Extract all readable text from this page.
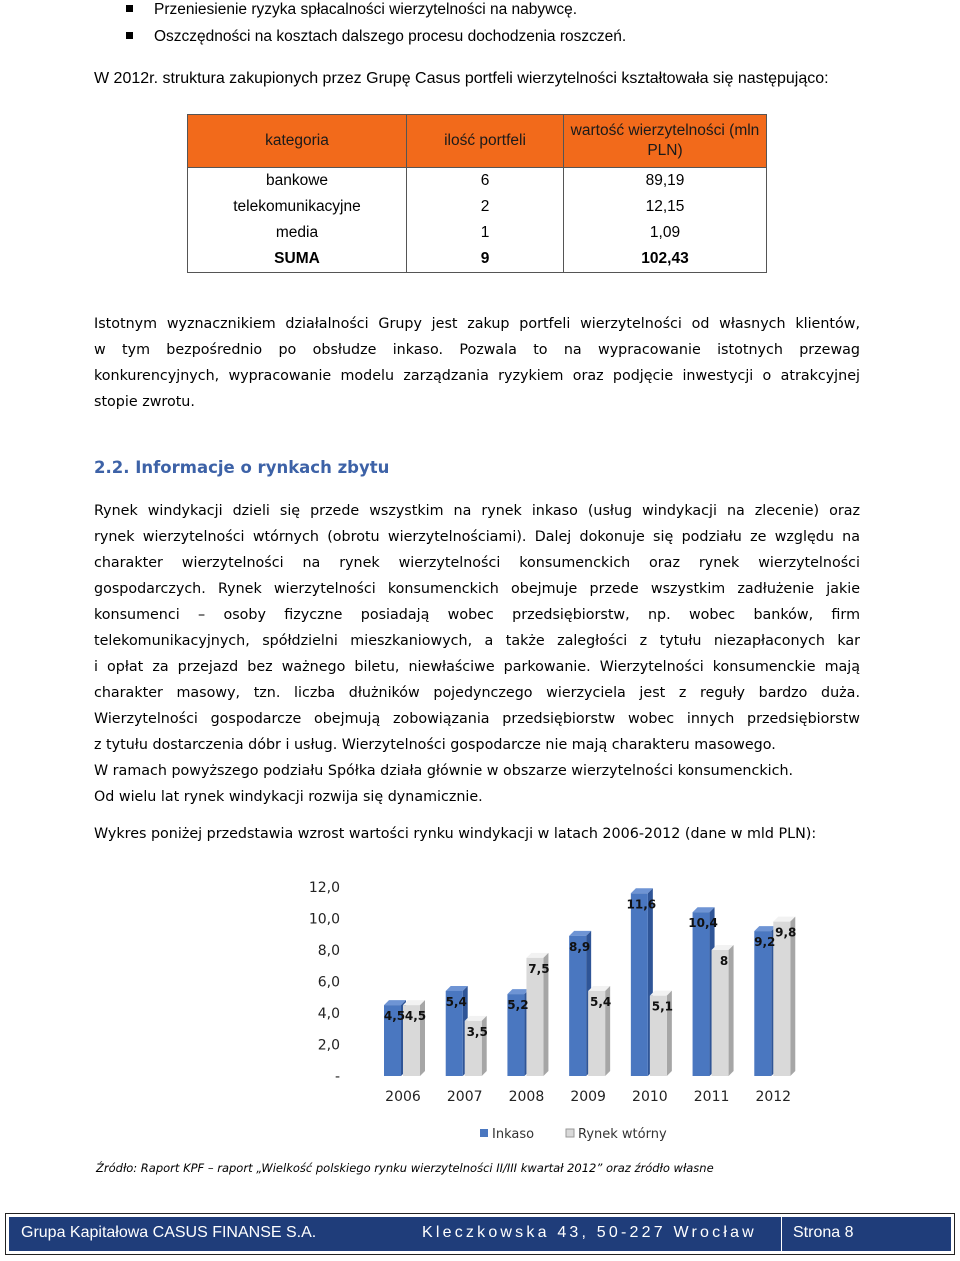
Przeniesienie ryzyka spłacalności wierzytelności na nabywcę.
Oszczędności na kosztach dalszego procesu dochodzenia roszczeń.
W 2012r. struktura zakupionych przez Grupę Casus portfeli wierzytelności kształtowała się następująco:
kategoria	ilość portfeli	wartość wierzytelności (mln PLN)
bankowe	6	89,19
telekomunikacyjne	2	12,15
media	1	1,09
SUMA	9	102,43
Istotnym wyznacznikiem działalności Grupy jest zakup portfeli wierzytelności od własnych klientów,
w tym bezpośrednio po obsłudze inkaso. Pozwala to na wypracowanie istotnych przewag
konkurencyjnych, wypracowanie modelu zarządzania ryzykiem oraz podjęcie inwestycji o atrakcyjnej
stopie zwrotu.
2.2. Informacje o rynkach zbytu
Rynek windykacji dzieli się przede wszystkim na rynek inkaso (usług windykacji na zlecenie) oraz
rynek wierzytelności wtórnych (obrotu wierzytelnościami). Dalej dokonuje się podziału ze względu na
charakter wierzytelności na rynek wierzytelności konsumenckich oraz rynek wierzytelności
gospodarczych. Rynek wierzytelności konsumenckich obejmuje przede wszystkim zadłużenie jakie
konsumenci – osoby fizyczne posiadają wobec przedsiębiorstw, np. wobec banków, firm
telekomunikacyjnych, spółdzielni mieszkaniowych, a także zaległości z tytułu niezapłaconych kar
i opłat za przejazd bez ważnego biletu, niewłaściwe parkowanie. Wierzytelności konsumenckie mają
charakter masowy, tzn. liczba dłużników pojedynczego wierzyciela jest z reguły bardzo duża.
Wierzytelności gospodarcze obejmują zobowiązania przedsiębiorstw wobec innych przedsiębiorstw
z tytułu dostarczenia dóbr i usług. Wierzytelności gospodarcze nie mają charakteru masowego.
W ramach powyższego podziału Spółka działa głównie w obszarze wierzytelności konsumenckich.
Od wielu lat rynek windykacji rozwija się dynamicznie.
Wykres poniżej przedstawia wzrost wartości rynku windykacji w latach 2006-2012 (dane w mld PLN):
-
2,0
4,0
6,0
8,0
10,0
12,0
2006 2007 2008 2009 2010 2011 2012
4,5 4,5
5,4
3,5
5,2
7,5
8,9
5,4
11,6
5,1
10,4
8
9,2
9,8
Inkaso	Rynek wtórny
Źródło: Raport KPF – raport „Wielkość polskiego rynku wierzytelności II/III kwartał 2012” oraz źródło własne
Grupa Kapitałowa CASUS FINANSE S.A.	Kleczkowska 43, 50-227 Wrocław Strona 8
